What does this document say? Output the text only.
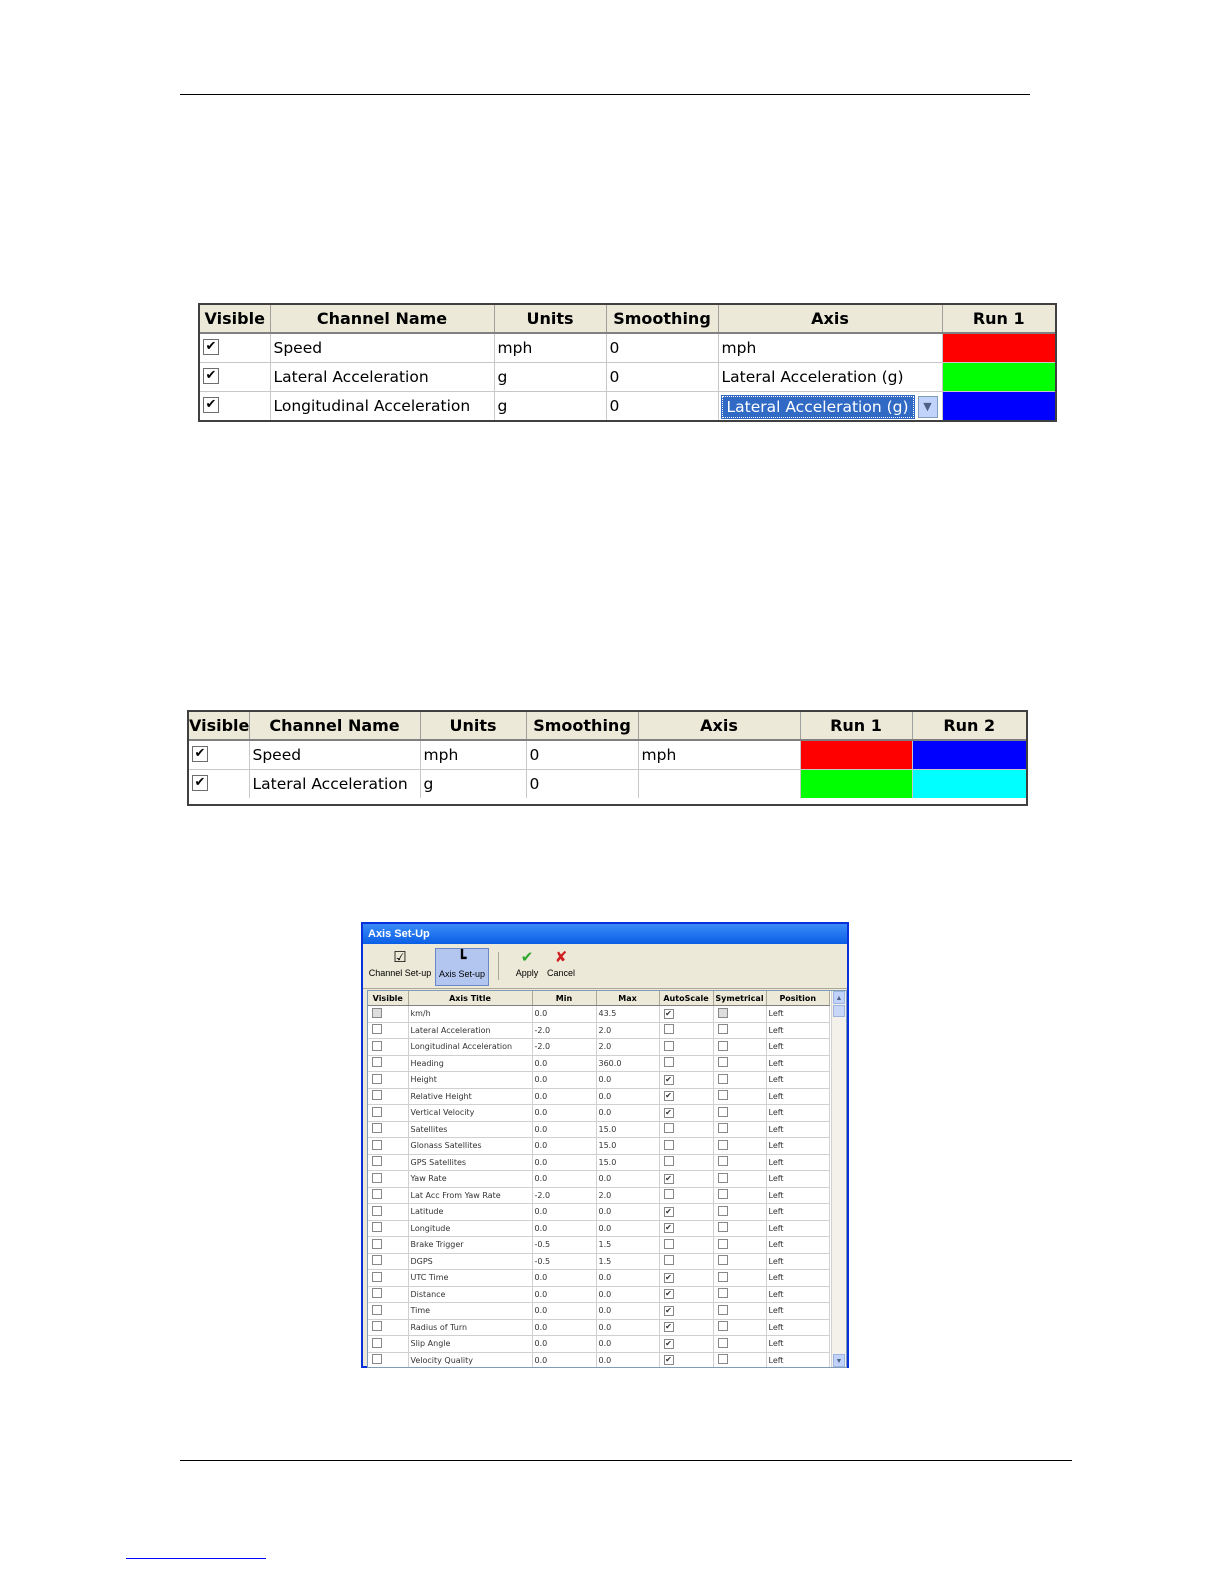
Visible	Channel Name	Units	Smoothing	Axis	Run 1
✔	Speed	mph	0	mph	
✔	Lateral Acceleration	g	0	Lateral Acceleration (g)	
✔	Longitudinal Acceleration	g	0	Lateral Acceleration (g) ▼	

Visible	Channel Name	Units	Smoothing	Axis	Run 1	Run 2
✔	Speed	mph	0	mph		
✔	Lateral Acceleration	g	0			
Axis Set-Up
☑
Channel Set-up
┗
Axis Set-up
✔
Apply
✘
Cancel
Visible	Axis Title	Min	Max	AutoScale	Symetrical	Position
	km/h	0.0	43.5	✔		Left
	Lateral Acceleration	-2.0	2.0			Left
	Longitudinal Acceleration	-2.0	2.0			Left
	Heading	0.0	360.0			Left
	Height	0.0	0.0	✔		Left
	Relative Height	0.0	0.0	✔		Left
	Vertical Velocity	0.0	0.0	✔		Left
	Satellites	0.0	15.0			Left
	Glonass Satellites	0.0	15.0			Left
	GPS Satellites	0.0	15.0			Left
	Yaw Rate	0.0	0.0	✔		Left
	Lat Acc From Yaw Rate	-2.0	2.0			Left
	Latitude	0.0	0.0	✔		Left
	Longitude	0.0	0.0	✔		Left
	Brake Trigger	-0.5	1.5			Left
	DGPS	-0.5	1.5			Left
	UTC Time	0.0	0.0	✔		Left
	Distance	0.0	0.0	✔		Left
	Time	0.0	0.0	✔		Left
	Radius of Turn	0.0	0.0	✔		Left
	Slip Angle	0.0	0.0	✔		Left
	Velocity Quality	0.0	0.0	✔		Left
▲
▼
